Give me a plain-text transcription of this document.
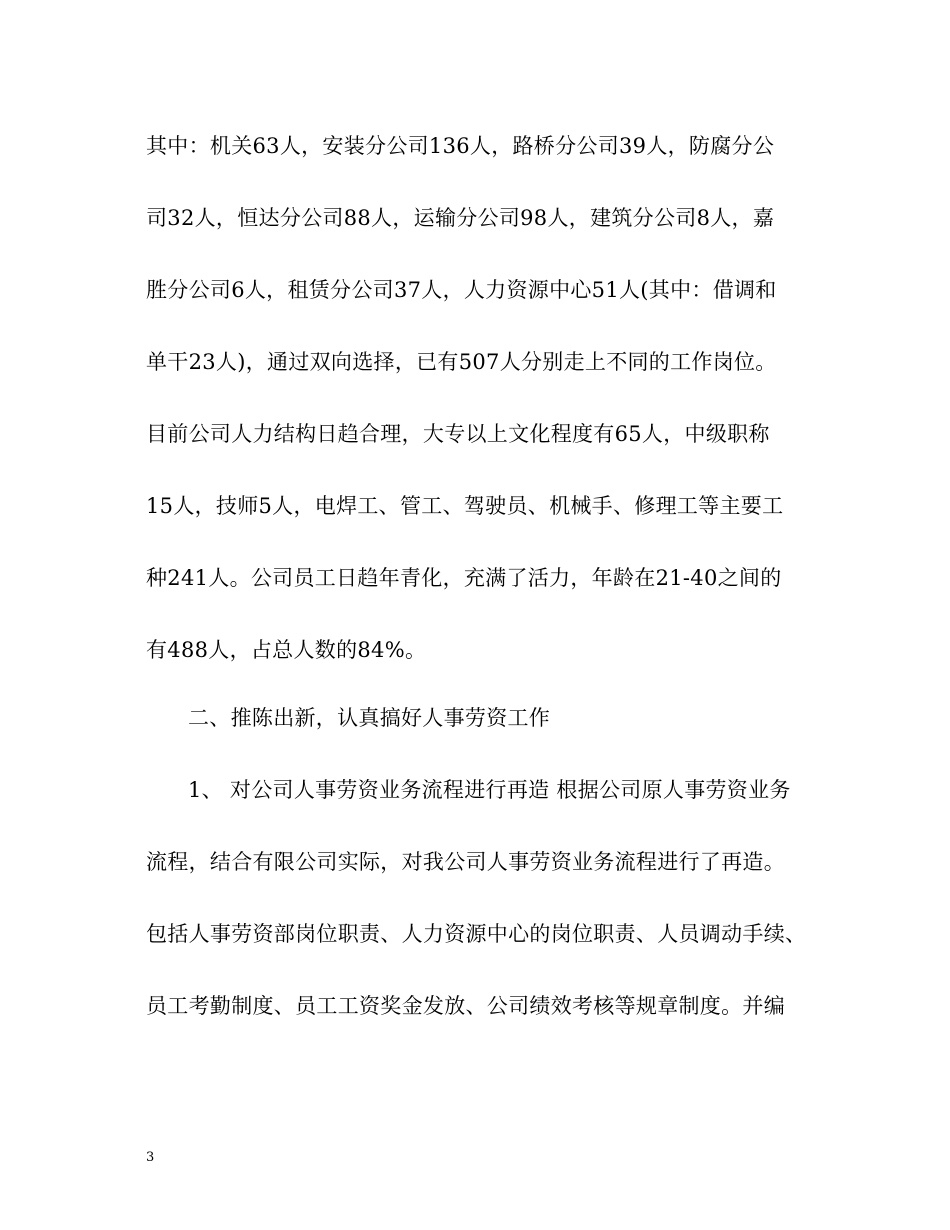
其中：机关63人，安装分公司136人，路桥分公司39人，防腐分公
司32人，恒达分公司88人，运输分公司98人，建筑分公司8人，嘉
胜分公司6人，租赁分公司37人，人力资源中心51人(其中：借调和
单干23人)，通过双向选择，已有507人分别走上不同的工作岗位。
目前公司人力结构日趋合理，大专以上文化程度有65人，中级职称
15人，技师5人，电焊工、管工、驾驶员、机械手、修理工等主要工
种241人。公司员工日趋年青化，充满了活力，年龄在21-40之间的
有488人，占总人数的84%。
二、推陈出新，认真搞好人事劳资工作
1、 对公司人事劳资业务流程进行再造 根据公司原人事劳资业务
流程，结合有限公司实际，对我公司人事劳资业务流程进行了再造。
包括人事劳资部岗位职责、人力资源中心的岗位职责、人员调动手续、
员工考勤制度、员工工资奖金发放、公司绩效考核等规章制度。并编
3
